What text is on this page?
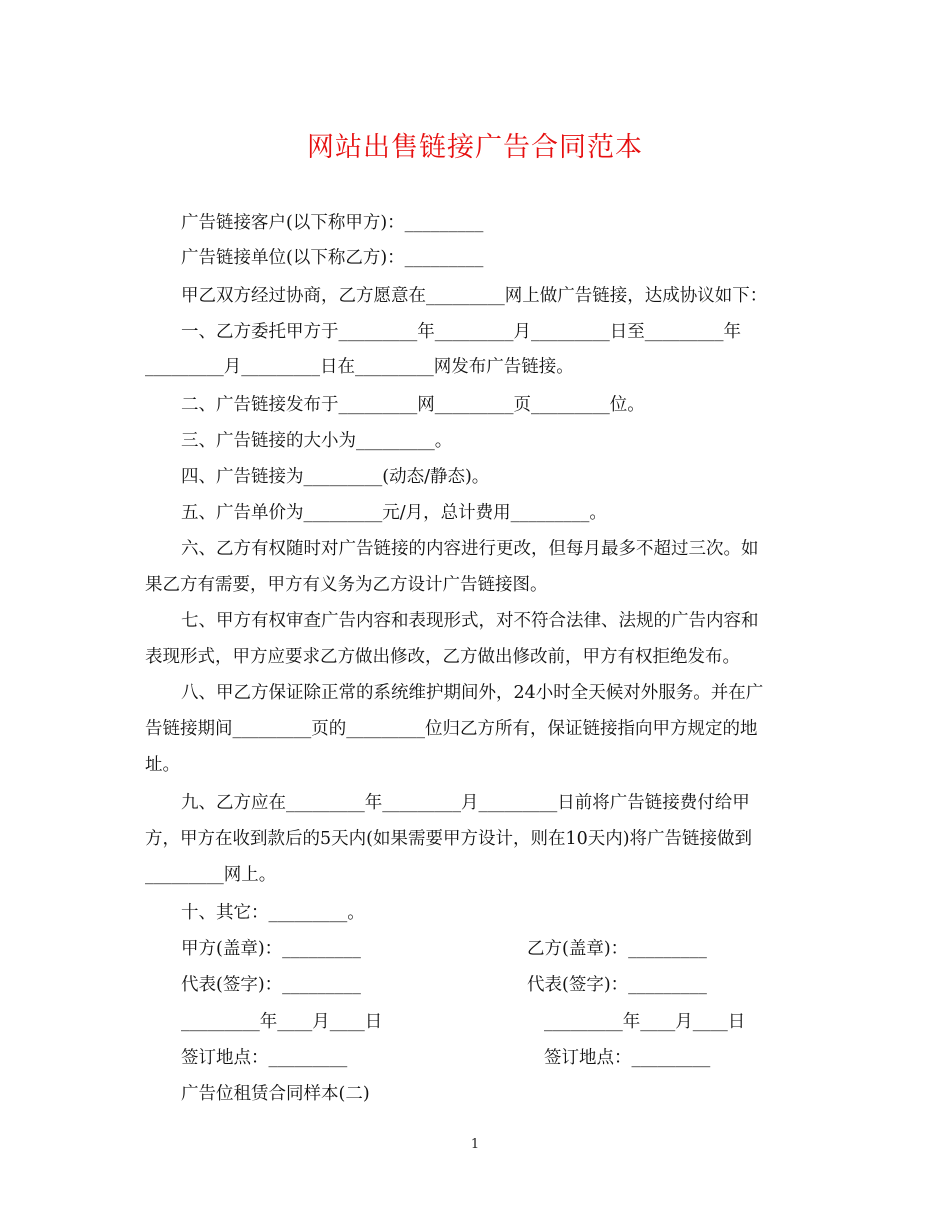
网站出售链接广告合同范本
广告链接客户(以下称甲方)：_________
广告链接单位(以下称乙方)：_________
甲乙双方经过协商，乙方愿意在_________网上做广告链接，达成协议如下：
一、乙方委托甲方于_________年_________月_________日至_________年
_________月_________日在_________网发布广告链接。
二、广告链接发布于_________网_________页_________位。
三、广告链接的大小为_________。
四、广告链接为_________(动态/静态)。
五、广告单价为_________元/月，总计费用_________。
六、乙方有权随时对广告链接的内容进行更改，但每月最多不超过三次。如
果乙方有需要，甲方有义务为乙方设计广告链接图。
七、甲方有权审查广告内容和表现形式，对不符合法律、法规的广告内容和
表现形式，甲方应要求乙方做出修改，乙方做出修改前，甲方有权拒绝发布。
八、甲乙方保证除正常的系统维护期间外，24小时全天候对外服务。并在广
告链接期间_________页的_________位归乙方所有，保证链接指向甲方规定的地
址。
九、乙方应在_________年_________月_________日前将广告链接费付给甲
方，甲方在收到款后的5天内(如果需要甲方设计，则在10天内)将广告链接做到
_________网上。
十、其它：_________。
甲方(盖章)：_________	乙方(盖章)：_________
代表(签字)：_________	代表(签字)：_________
_________年____月____日	_________年____月____日
签订地点：_________	签订地点：_________
广告位租赁合同样本(二)
1
